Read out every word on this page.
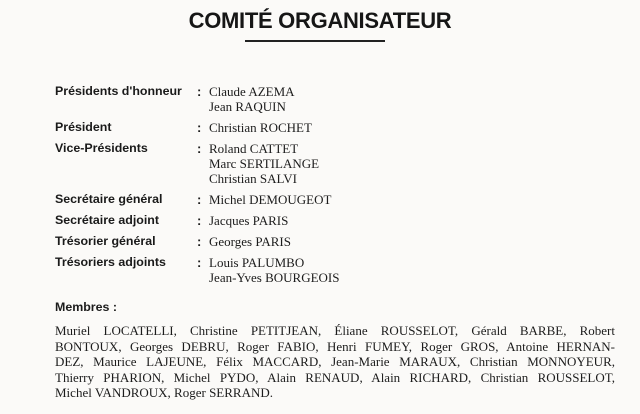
COMITÉ ORGANISATEUR
Présidents d'honneur	: Claude AZEMA
Jean RAQUIN
Président	: Christian ROCHET
Vice-Présidents	: Roland CATTET
Marc SERTILANGE
Christian SALVI
Secrétaire général	: Michel DEMOUGEOT
Secrétaire adjoint	: Jacques PARIS
Trésorier général	: Georges PARIS
Trésoriers adjoints	: Louis PALUMBO
Jean-Yves BOURGEOIS
Membres :
Muriel LOCATELLI, Christine PETITJEAN, Éliane ROUSSELOT, Gérald BARBE, Robert
BONTOUX, Georges DEBRU, Roger FABIO, Henri FUMEY, Roger GROS, Antoine HERNAN-
DEZ, Maurice LAJEUNE, Félix MACCARD, Jean-Marie MARAUX, Christian MONNOYEUR,
Thierry PHARION, Michel PYDO, Alain RENAUD, Alain RICHARD, Christian ROUSSELOT,
Michel VANDROUX, Roger SERRAND.
